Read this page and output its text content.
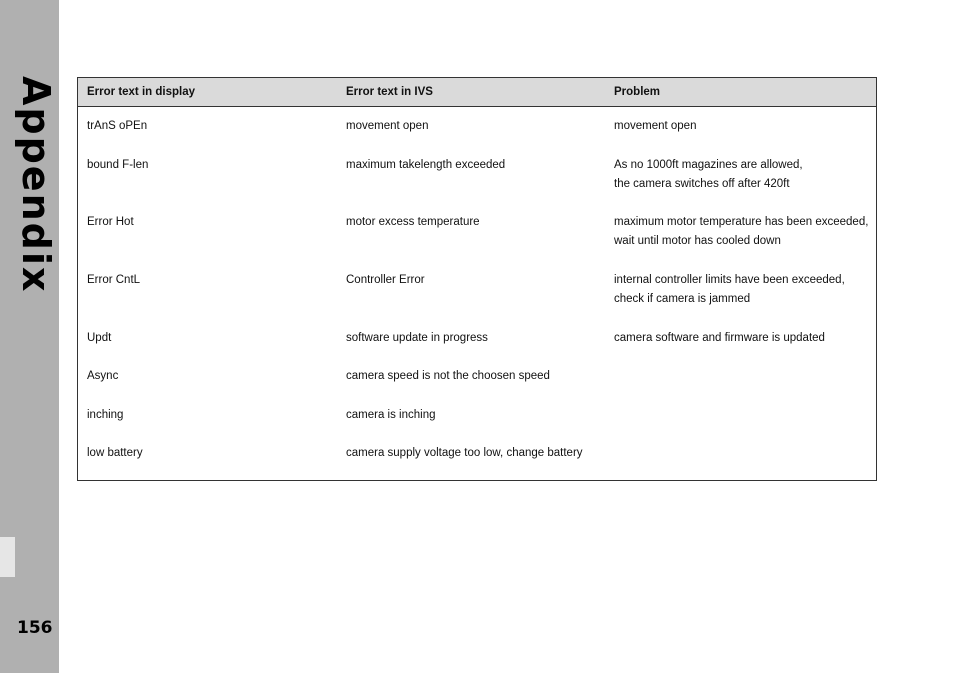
Appendix
156
Error text in display	Error text in IVS	Problem
trAnS oPEn	movement open	movement open
bound F-len	maximum takelength exceeded	As no 1000ft magazines are allowed,
the camera switches off after 420ft
Error Hot	motor excess temperature	maximum motor temperature has been exceeded,
wait until motor has cooled down
Error CntL	Controller Error	internal controller limits have been exceeded,
check if camera is jammed
Updt	software update in progress	camera software and firmware is updated
Async	camera speed is not the choosen speed
inching	camera is inching
low battery	camera supply voltage too low, change battery
